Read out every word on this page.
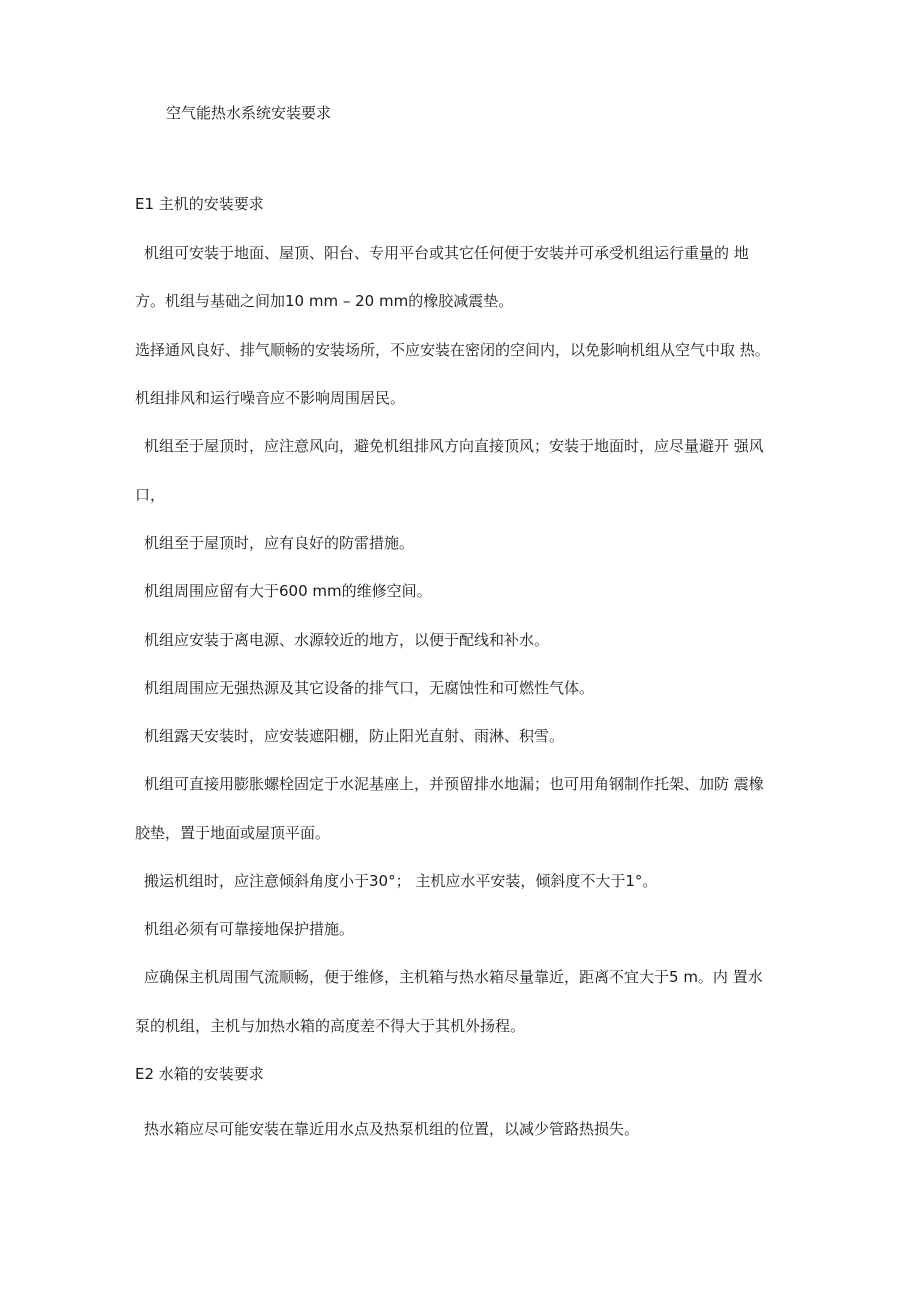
空气能热水系统安装要求
E1 主机的安装要求
机组可安装于地面、屋顶、阳台、专用平台或其它任何便于安装并可承受机组运行重量的 地
方。机组与基础之间加10 mm – 20 mm的橡胶减震垫。
选择通风良好、排气顺畅的安装场所，不应安装在密闭的空间内，以免影响机组从空气中取 热。
机组排风和运行噪音应不影响周围居民。
机组至于屋顶时，应注意风向，避免机组排风方向直接顶风；安装于地面时，应尽量避开 强风
口，
机组至于屋顶时，应有良好的防雷措施。
机组周围应留有大于600 mm的维修空间。
机组应安装于离电源、水源较近的地方，以便于配线和补水。
机组周围应无强热源及其它设备的排气口，无腐蚀性和可燃性气体。
机组露天安装时，应安装遮阳棚，防止阳光直射、雨淋、积雪。
机组可直接用膨胀螺栓固定于水泥基座上，并预留排水地漏；也可用角钢制作托架、加防 震橡
胶垫，置于地面或屋顶平面。
搬运机组时，应注意倾斜角度小于30°； 主机应水平安装，倾斜度不大于1°。
机组必须有可靠接地保护措施。
应确保主机周围气流顺畅，便于维修，主机箱与热水箱尽量靠近，距离不宜大于5 m。内 置水
泵的机组，主机与加热水箱的高度差不得大于其机外扬程。
E2 水箱的安装要求
热水箱应尽可能安装在靠近用水点及热泵机组的位置，以减少管路热损失。
